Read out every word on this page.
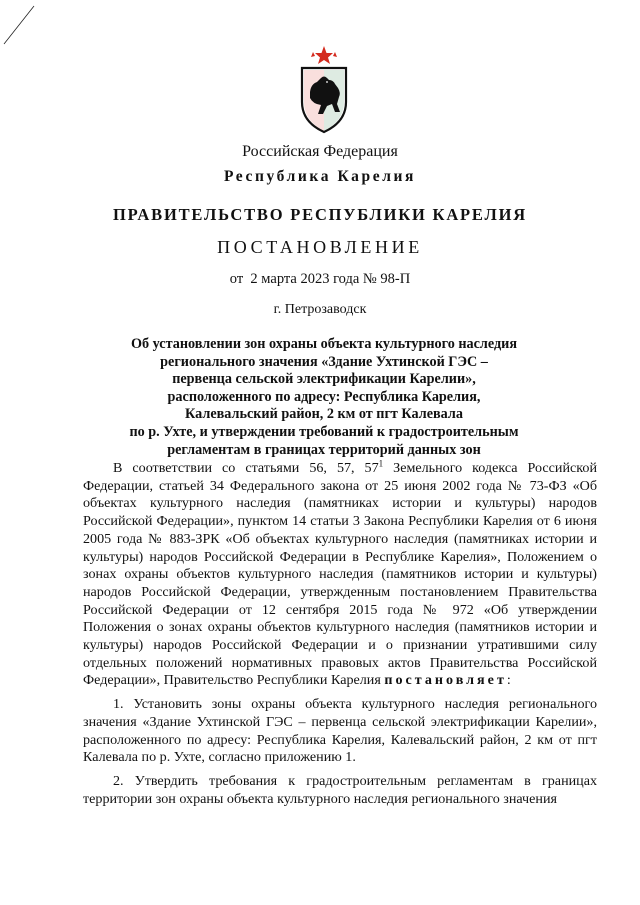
Российская Федерация
Республика Карелия
ПРАВИТЕЛЬСТВО РЕСПУБЛИКИ КАРЕЛИЯ
ПОСТАНОВЛЕНИЕ
от  2 марта 2023 года № 98-П
г. Петрозаводск
Об установлении зон охраны объекта культурного наследия
регионального значения «Здание Ухтинской ГЭС –
первенца сельской электрификации Карелии»,
расположенного по адресу: Республика Карелия,
Калевальский район, 2 км от пгт Калевала
по р. Ухте, и утверждении требований к градостроительным
регламентам в границах территорий данных зон

В соответствии со статьями 56, 57, $57^1$ Земельного кодекса Российской Федерации, статьей 34 Федерального закона от 25 июня 2002 года № 73-ФЗ «Об объектах культурного наследия (памятниках истории и культуры) народов Российской Федерации», пунктом 14 статьи 3 Закона Республики Карелия от 6 июня 2005 года № 883-ЗРК «Об объектах культурного наследия (памятниках истории и культуры) народов Российской Федерации в Республике Карелия», Положением о зонах охраны объектов культурного наследия (памятников истории и культуры) народов Российской Федерации, утвержденным постановлением Правительства Российской Федерации от 12 сентября 2015 года № 972 «Об утверждении Положения о зонах охраны объектов культурного наследия (памятников истории и культуры) народов Российской Федерации и о признании утратившими силу отдельных положений нормативных правовых актов Правительства Российской Федерации», Правительство Республики Карелия постановляет:

1. Установить зоны охраны объекта культурного наследия регионального значения «Здание Ухтинской ГЭС – первенца сельской электрификации Карелии», расположенного по адресу: Республика Карелия, Калевальский район, 2 км от пгт Калевала по р. Ухте, согласно приложению 1.

2. Утвердить требования к градостроительным регламентам в границах территории зон охраны объекта культурного наследия регионального значения
